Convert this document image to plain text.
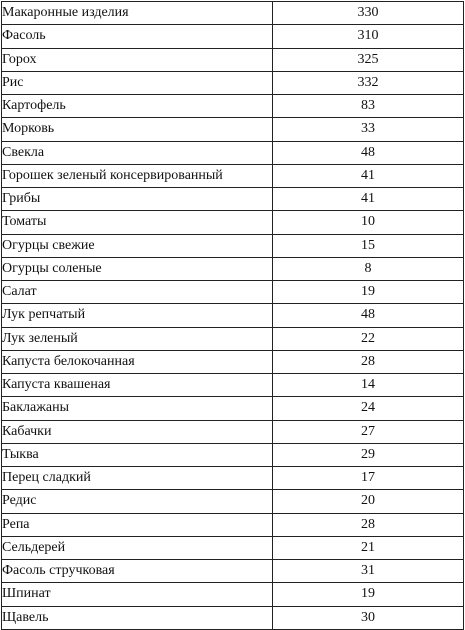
Макаронные изделия	330
Фасоль	310
Горох	325
Рис	332
Картофель	83
Морковь	33
Свекла	48
Горошек зеленый консервированный	41
Грибы	41
Томаты	10
Огурцы свежие	15
Огурцы соленые	8
Салат	19
Лук репчатый	48
Лук зеленый	22
Капуста белокочанная	28
Капуста квашеная	14
Баклажаны	24
Кабачки	27
Тыква	29
Перец сладкий	17
Редис	20
Репа	28
Сельдерей	21
Фасоль стручковая	31
Шпинат	19
Щавель	30
